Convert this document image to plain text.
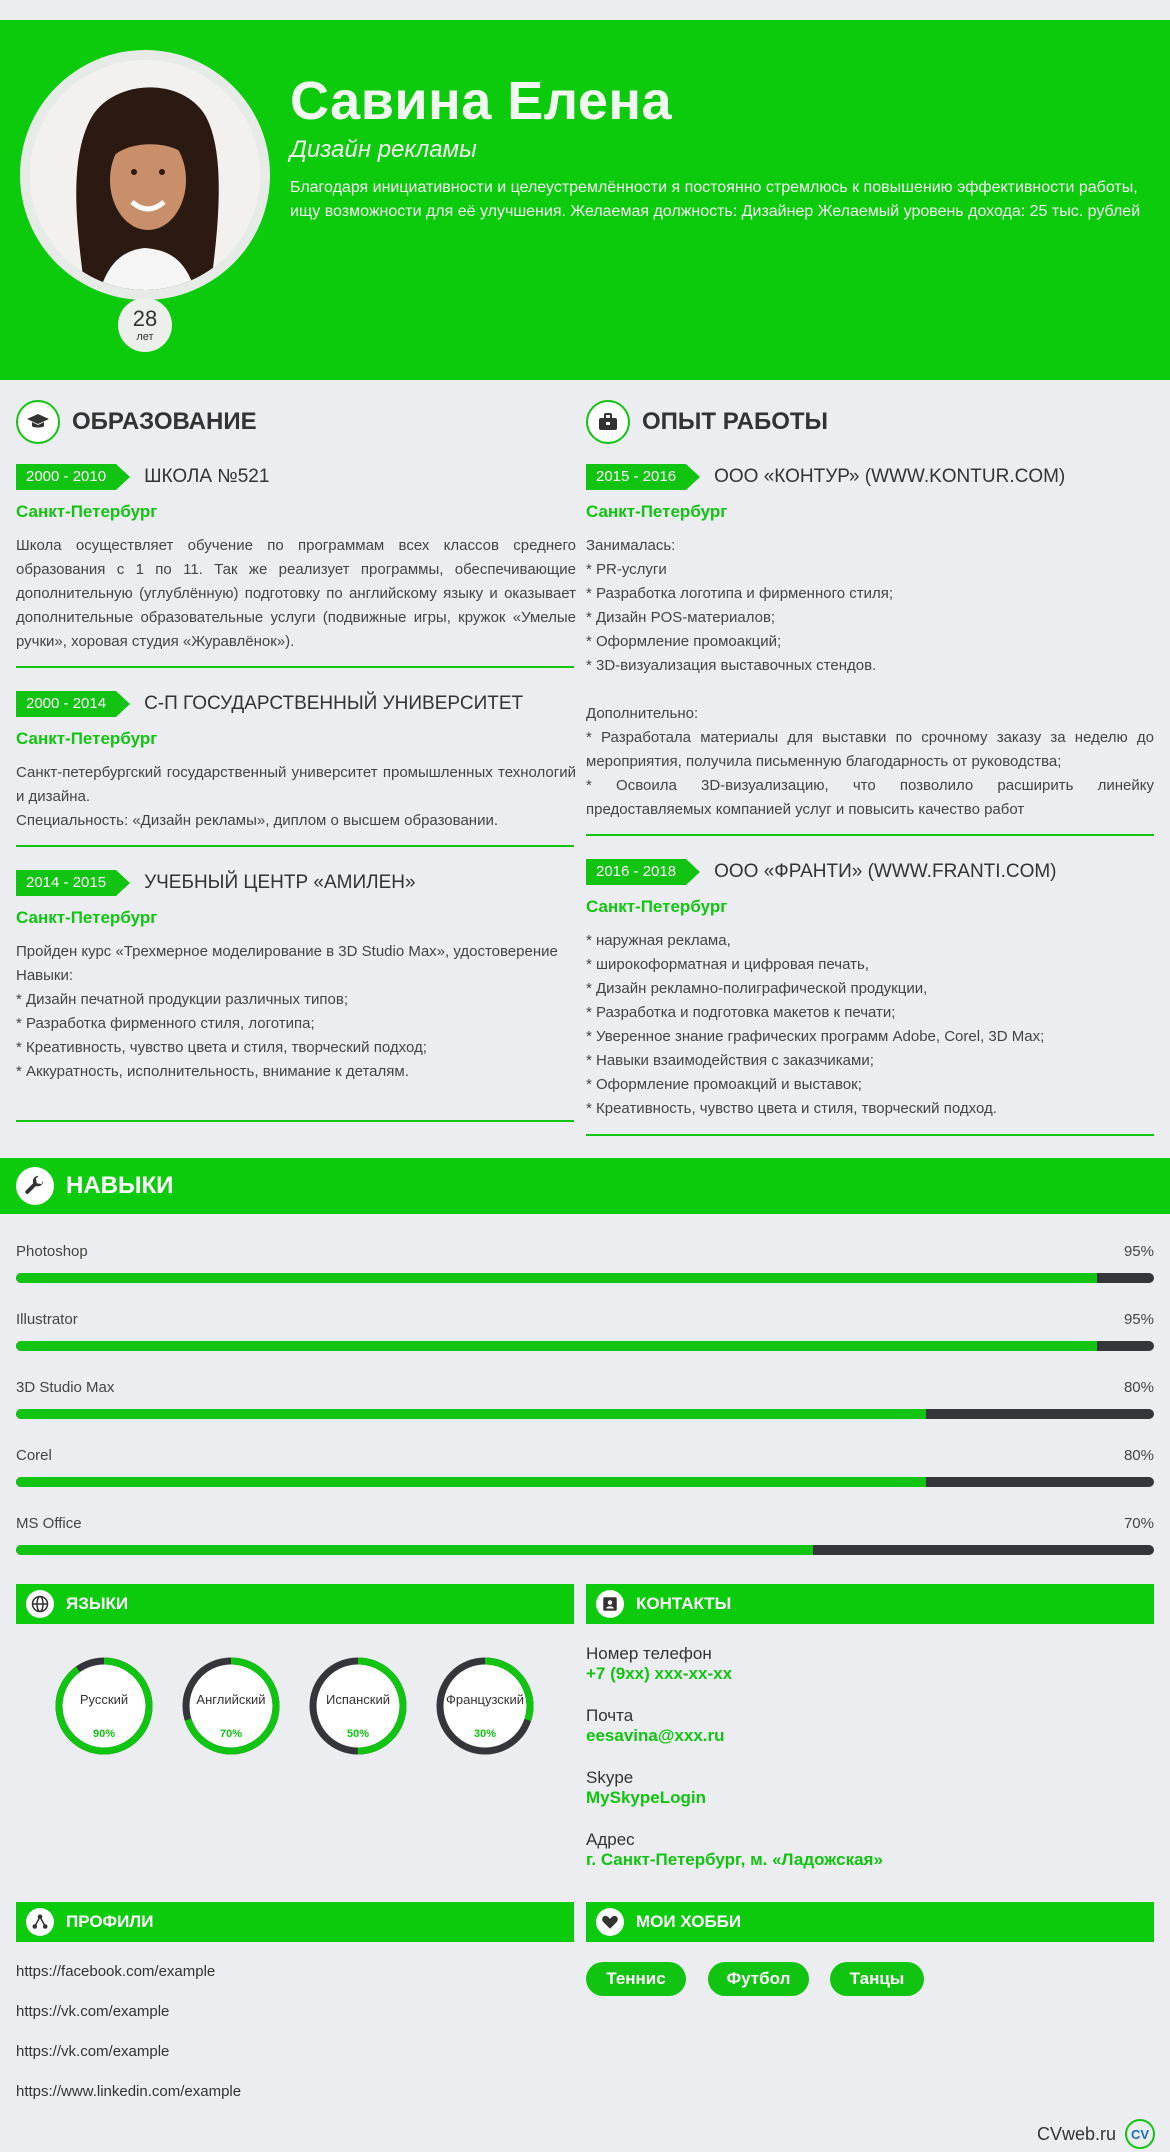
28
лет
Савина Елена
Дизайн рекламы
Благодаря инициативности и целеустремлённости я постоянно стремлюсь к повышению эффективности работы, ищу возможности для её улучшения. Желаемая должность: Дизайнер Желаемый уровень дохода: 25 тыс. рублей
ОБРАЗОВАНИЕ
2000 - 2010	ШКОЛА №521
Санкт-Петербург

Школа осуществляет обучение по программам всех классов среднего образования с 1 по 11. Так же реализует программы, обеспечивающие дополнительную (углублённую) подготовку по английскому языку и оказывает дополнительные образовательные услуги (подвижные игры, кружок «Умелые ручки», хоровая студия «Журавлёнок»).

2000 - 2014	С-П ГОСУДАРСТВЕННЫЙ УНИВЕРСИТЕТ
Санкт-Петербург

Санкт-петербургский государственный университет промышленных технологий и дизайна.

Специальность: «Дизайн рекламы», диплом о высшем образовании.

2014 - 2015	УЧЕБНЫЙ ЦЕНТР «АМИЛЕН»
Санкт-Петербург

Пройден курс «Трехмерное моделирование в 3D Studio Max», удостоверение

Навыки:

* Дизайн печатной продукции различных типов;

* Разработка фирменного стиля, логотипа;

* Креативность, чувство цвета и стиля, творческий подход;

* Аккуратность, исполнительность, внимание к деталям.

ОПЫТ РАБОТЫ
2015 - 2016	ООО «КОНТУР» (WWW.KONTUR.COM)
Санкт-Петербург

Занималась:

* PR-услуги

* Разработка логотипа и фирменного стиля;

* Дизайн POS-материалов;

* Оформление промоакций;

* 3D-визуализация выставочных стендов.

Дополнительно:

* Разработала материалы для выставки по срочному заказу за неделю до мероприятия, получила письменную благодарность от руководства;

* Освоила 3D-визуализацию, что позволило расширить линейку предоставляемых компанией услуг и повысить качество работ

2016 - 2018	ООО «ФРАНТИ» (WWW.FRANTI.COM)
Санкт-Петербург

* наружная реклама,

* широкоформатная и цифровая печать,

* Дизайн рекламно-полиграфической продукции,

* Разработка и подготовка макетов к печати;

* Уверенное знание графических программ Adobe, Corel, 3D Max;

* Навыки взаимодействия с заказчиками;

* Оформление промоакций и выставок;

* Креативность, чувство цвета и стиля, творческий подход.

НАВЫКИ
Photoshop	95%
Illustrator	95%
3D Studio Max	80%
Corel	80%
MS Office	70%
ЯЗЫКИ
Русский
90%
Английский
70%
Испанский
50%
Французский
30%
КОНТАКТЫ
Номер телефон
+7 (9xx) xxx-xx-xx
Почта
eesavina@xxx.ru
Skype
MySkypeLogin
Адрес
г. Санкт-Петербург, м. «Ладожская»
ПРОФИЛИ
https://facebook.com/example
https://vk.com/example
https://vk.com/example
https://www.linkedin.com/example
МОИ ХОББИ
Теннис	Футбол	Танцы
CVweb.ru CV
